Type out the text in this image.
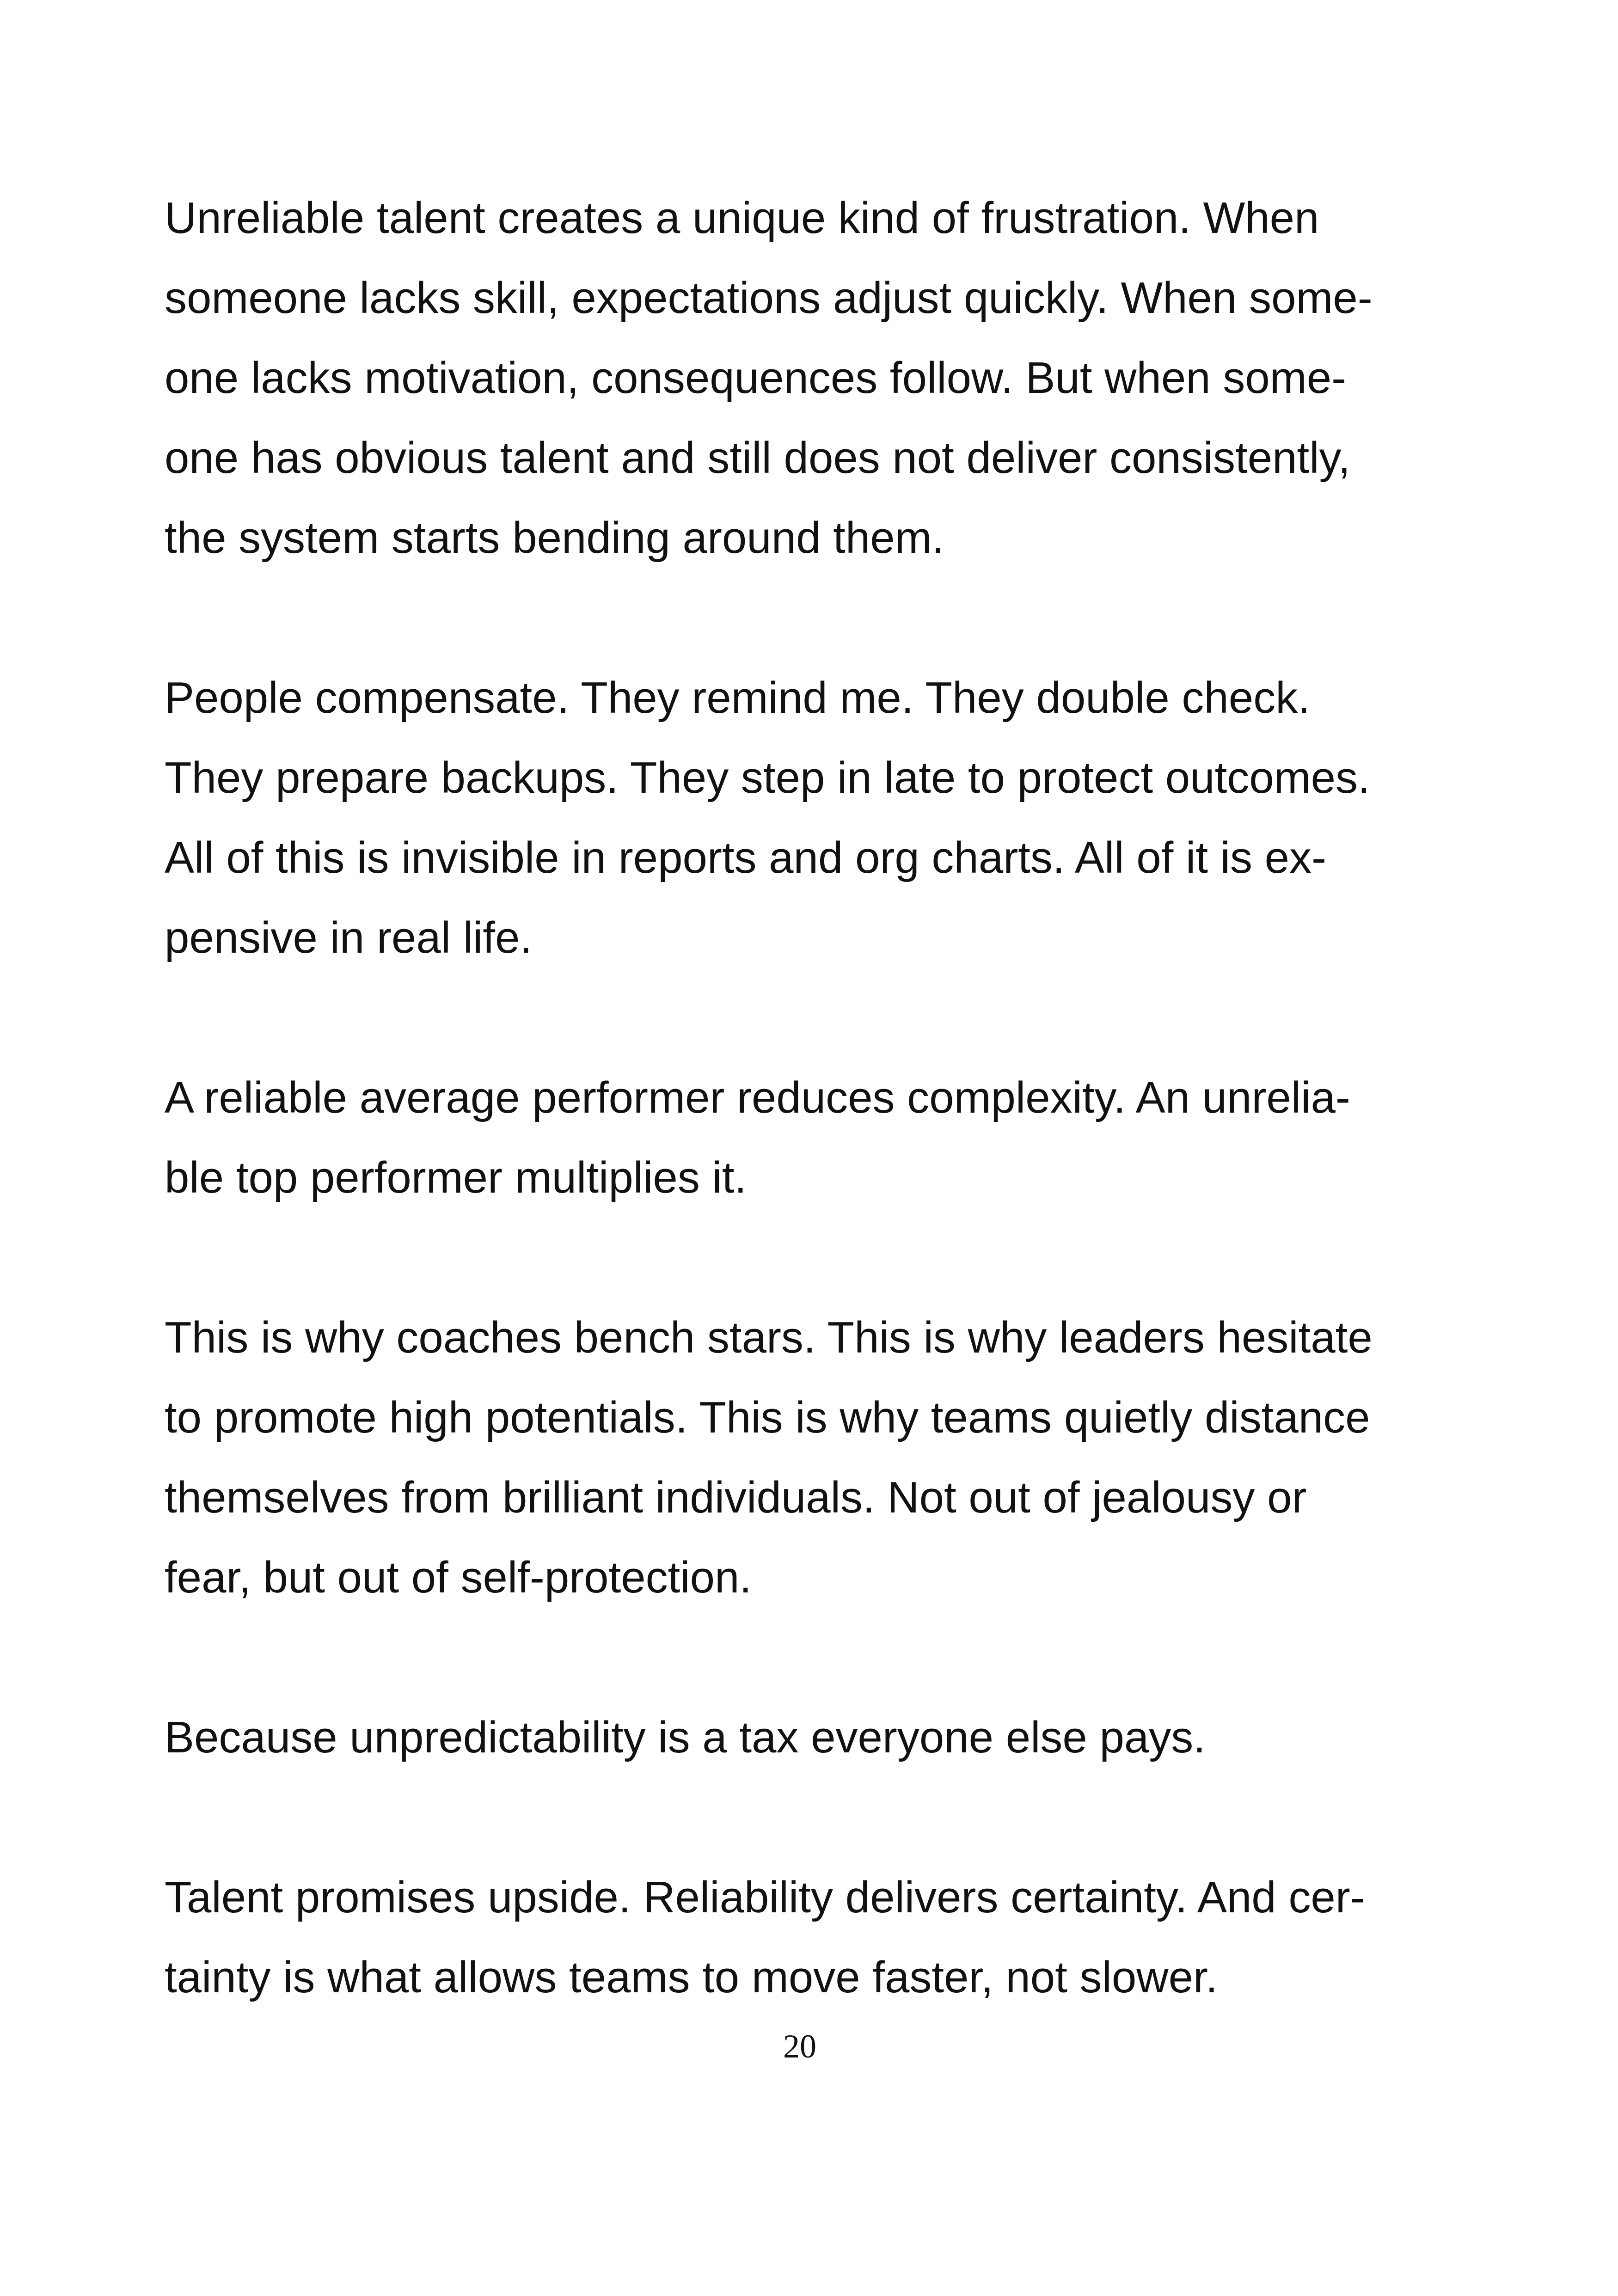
Unreliable talent creates a unique kind of frustration. When
someone lacks skill, expectations adjust quickly. When some-
one lacks motivation, consequences follow. But when some-
one has obvious talent and still does not deliver consistently,
the system starts bending around them.
People compensate. They remind me. They double check.
They prepare backups. They step in late to protect outcomes.
All of this is invisible in reports and org charts. All of it is ex-
pensive in real life.
A reliable average performer reduces complexity. An unrelia-
ble top performer multiplies it.
This is why coaches bench stars. This is why leaders hesitate
to promote high potentials. This is why teams quietly distance
themselves from brilliant individuals. Not out of jealousy or
fear, but out of self-protection.
Because unpredictability is a tax everyone else pays.
Talent promises upside. Reliability delivers certainty. And cer-
tainty is what allows teams to move faster, not slower.
20
